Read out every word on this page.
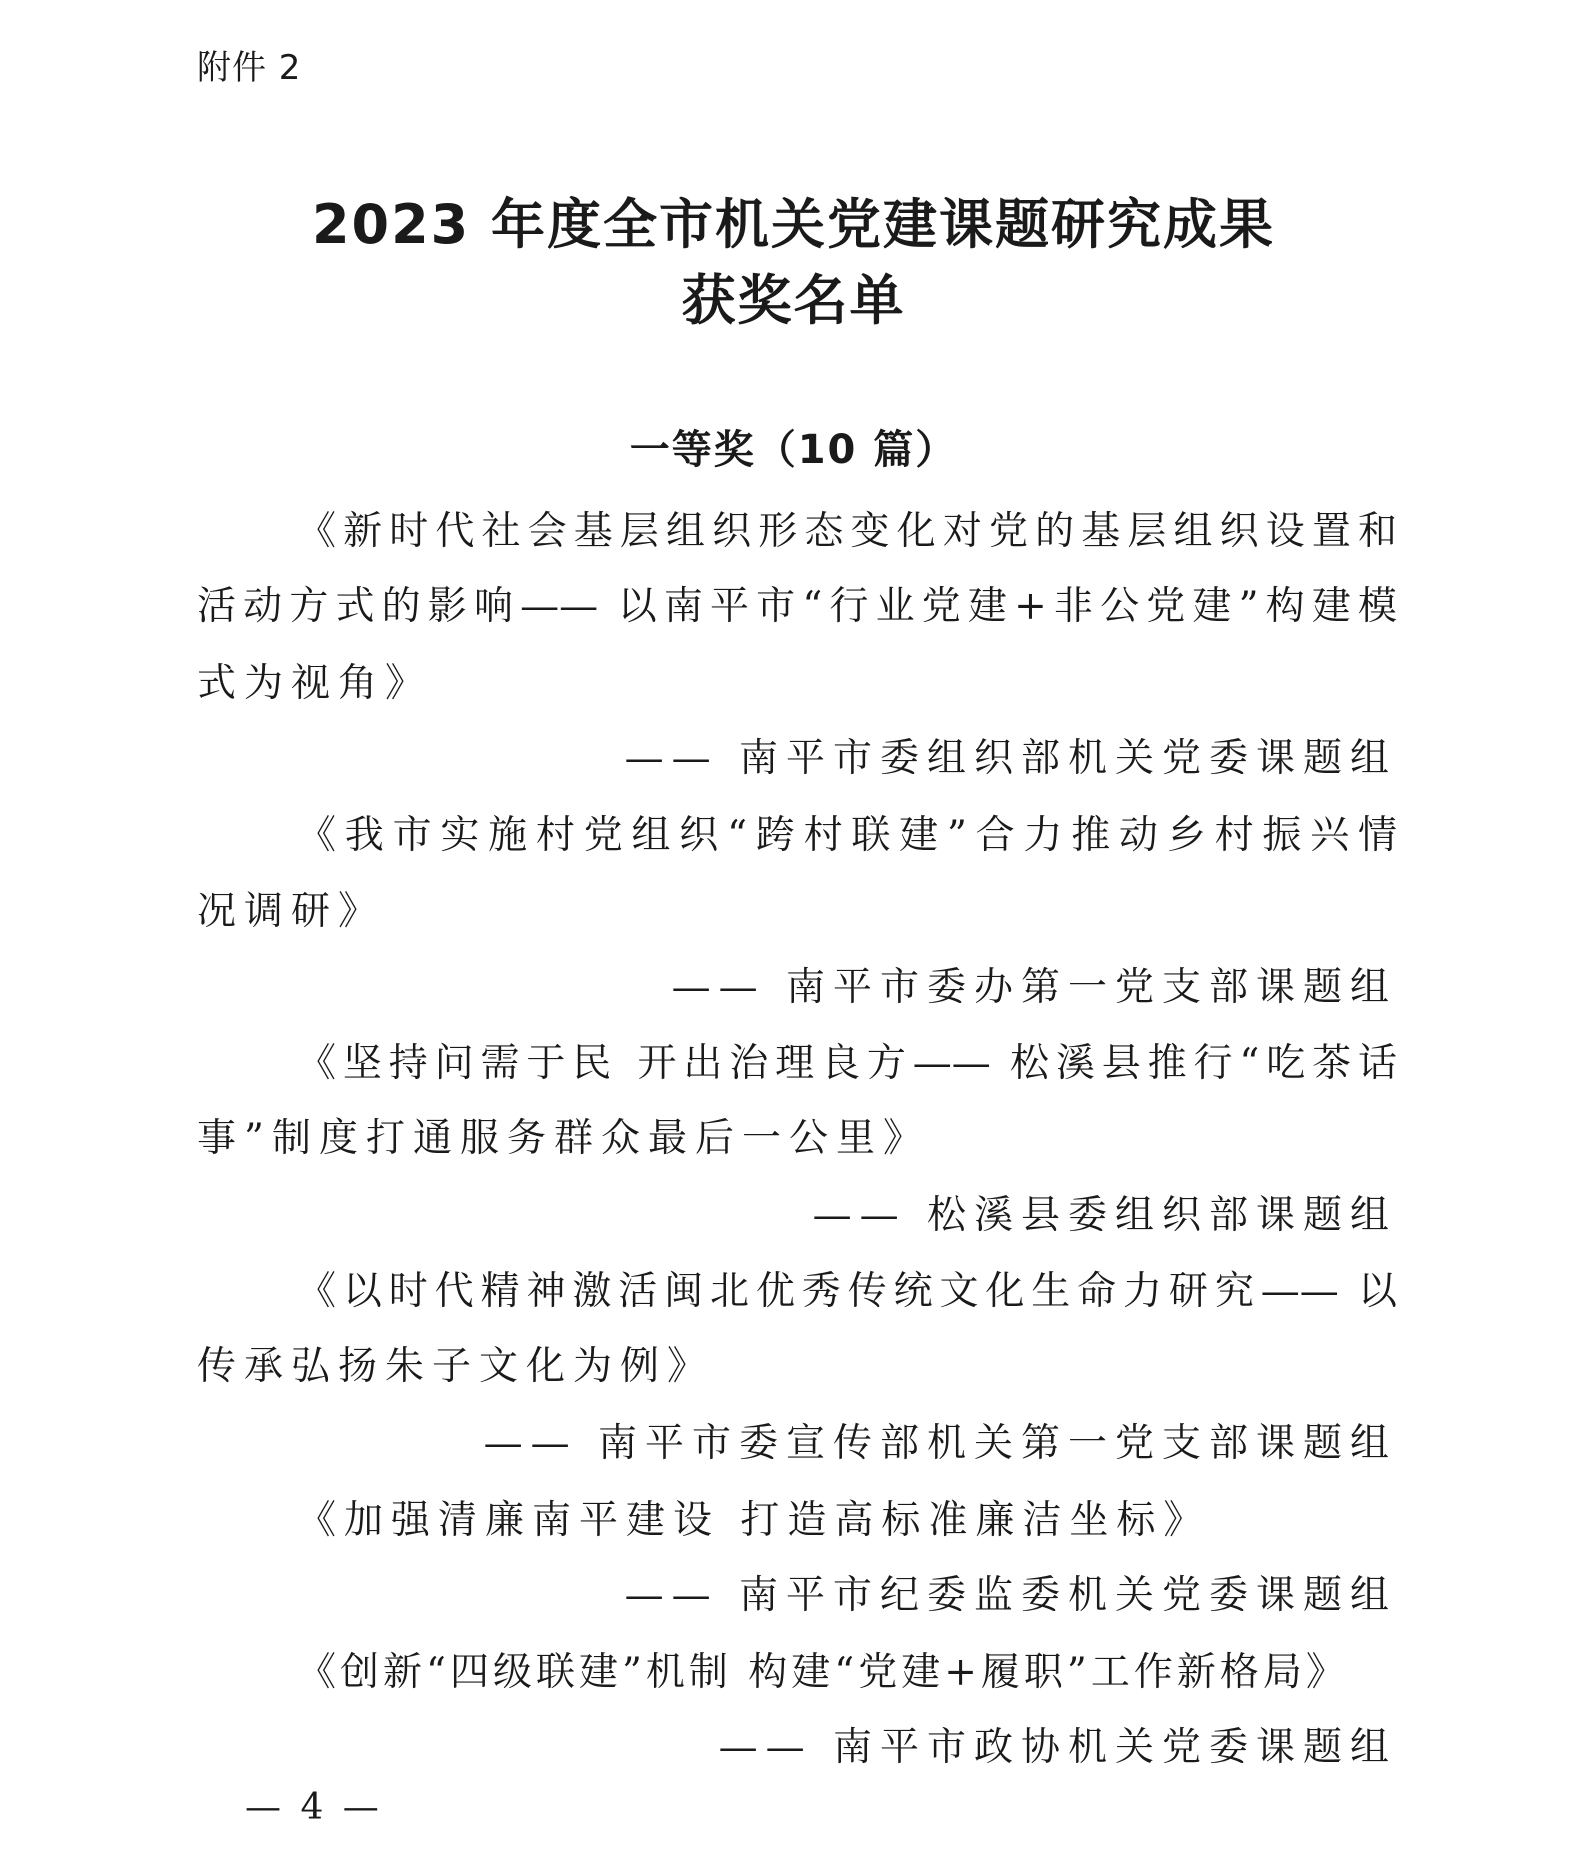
附件 2
2023 年度全市机关党建课题研究成果
获奖名单
一等奖（10 篇）
《新时代社会基层组织形态变化对党的基层组织设置和
活动方式的影响—— 以南平市“行业党建+非公党建”构建模
式为视角》
—— 南平市委组织部机关党委课题组
《我市实施村党组织“跨村联建”合力推动乡村振兴情
况调研》
—— 南平市委办第一党支部课题组
《坚持问需于民 开出治理良方—— 松溪县推行“吃茶话
事”制度打通服务群众最后一公里》
—— 松溪县委组织部课题组
《以时代精神激活闽北优秀传统文化生命力研究—— 以
传承弘扬朱子文化为例》
—— 南平市委宣传部机关第一党支部课题组
《加强清廉南平建设 打造高标准廉洁坐标》
—— 南平市纪委监委机关党委课题组
《创新“四级联建”机制 构建“党建+履职”工作新格局》
—— 南平市政协机关党委课题组
— 4 —
